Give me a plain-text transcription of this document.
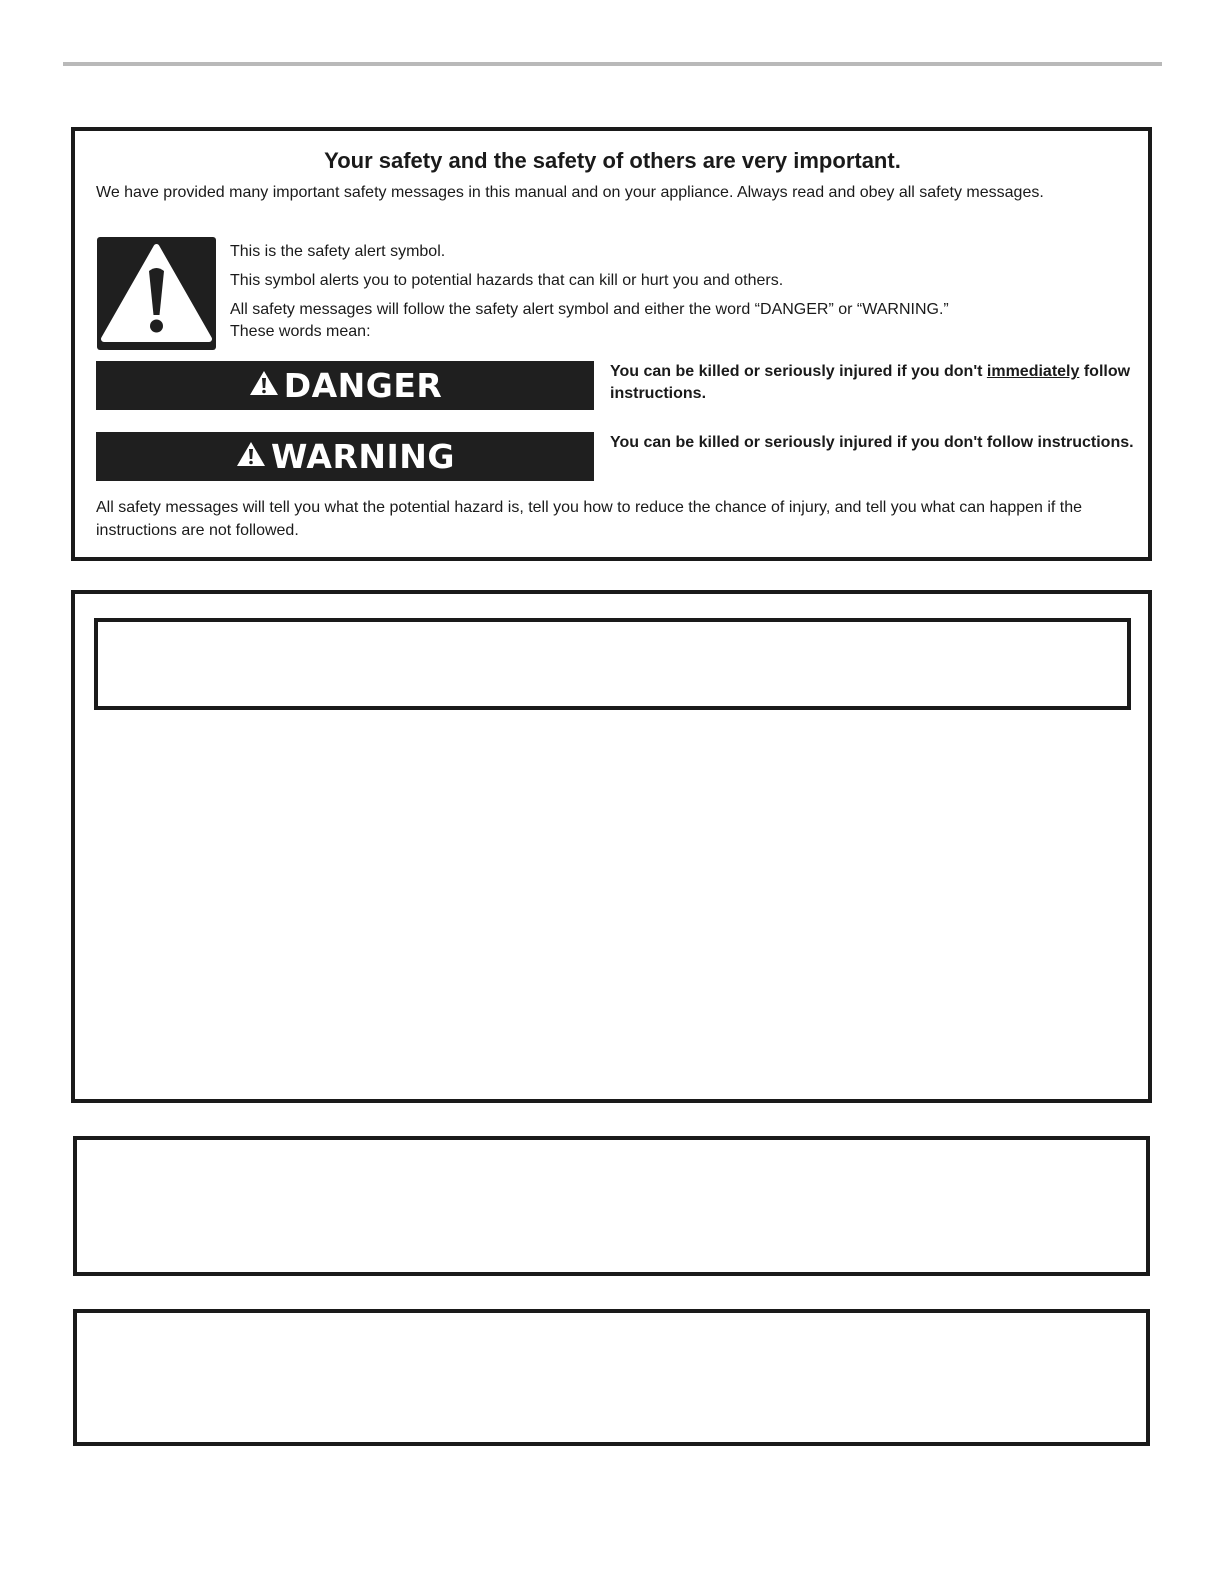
Your safety and the safety of others are very important.
We have provided many important safety messages in this manual and on your appliance. Always read and obey all safety messages.
This is the safety alert symbol.
This symbol alerts you to potential hazards that can kill or hurt you and others.
All safety messages will follow the safety alert symbol and either the word “DANGER” or “WARNING.”
These words mean:
DANGER	You can be killed or seriously injured if you don't immediately follow instructions.
WARNING	You can be killed or seriously injured if you don't follow instructions.
All safety messages will tell you what the potential hazard is, tell you how to reduce the chance of injury, and tell you what can happen if the instructions are not followed.
